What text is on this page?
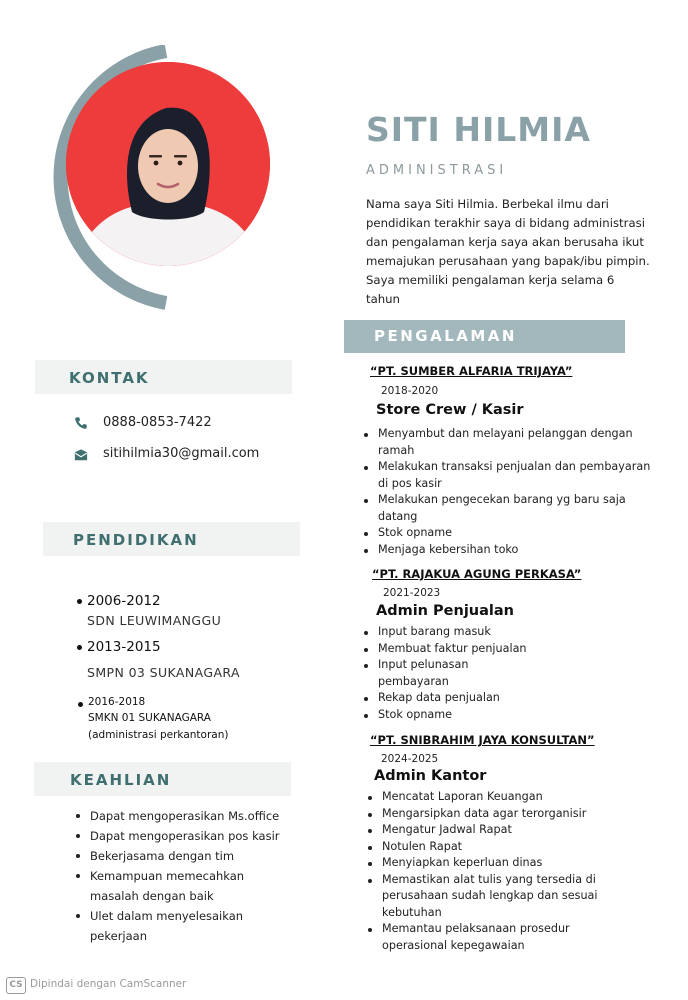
SITI HILMIA
ADMINISTRASI
Nama saya Siti Hilmia. Berbekal ilmu dari pendidikan terakhir saya di bidang administrasi dan pengalaman kerja saya akan berusaha ikut memajukan perusahaan yang bapak/ibu pimpin. Saya memiliki pengalaman kerja selama 6 tahun
KONTAK
0888-0853-7422
sitihilmia30@gmail.com
PENDIDIKAN
2006-2012
SDN LEUWIMANGGU
2013-2015
SMPN 03 SUKANAGARA
2016-2018
SMKN 01 SUKANAGARA
(administrasi perkantoran)
KEAHLIAN
Dapat mengoperasikan Ms.office
Dapat mengoperasikan pos kasir
Bekerjasama dengan tim
Kemampuan memecahkan masalah dengan baik
Ulet dalam menyelesaikan pekerjaan
PENGALAMAN
“PT. SUMBER ALFARIA TRIJAYA”
2018-2020
Store Crew / Kasir
Menyambut dan melayani pelanggan dengan ramah
Melakukan transaksi penjualan dan pembayaran di pos kasir
Melakukan pengecekan barang yg baru saja datang
Stok opname
Menjaga kebersihan toko
“PT. RAJAKUA AGUNG PERKASA”
2021-2023
Admin Penjualan
Input barang masuk
Membuat faktur penjualan
Input pelunasan pembayaran
Rekap data penjualan
Stok opname
“PT. SNIBRAHIM JAYA KONSULTAN”
2024-2025
Admin Kantor
Mencatat Laporan Keuangan
Mengarsipkan data agar terorganisir
Mengatur Jadwal Rapat
Notulen Rapat
Menyiapkan keperluan dinas
Memastikan alat tulis yang tersedia di perusahaan sudah lengkap dan sesuai kebutuhan
Memantau pelaksanaan prosedur operasional kepegawaian
CS Dipindai dengan CamScanner
